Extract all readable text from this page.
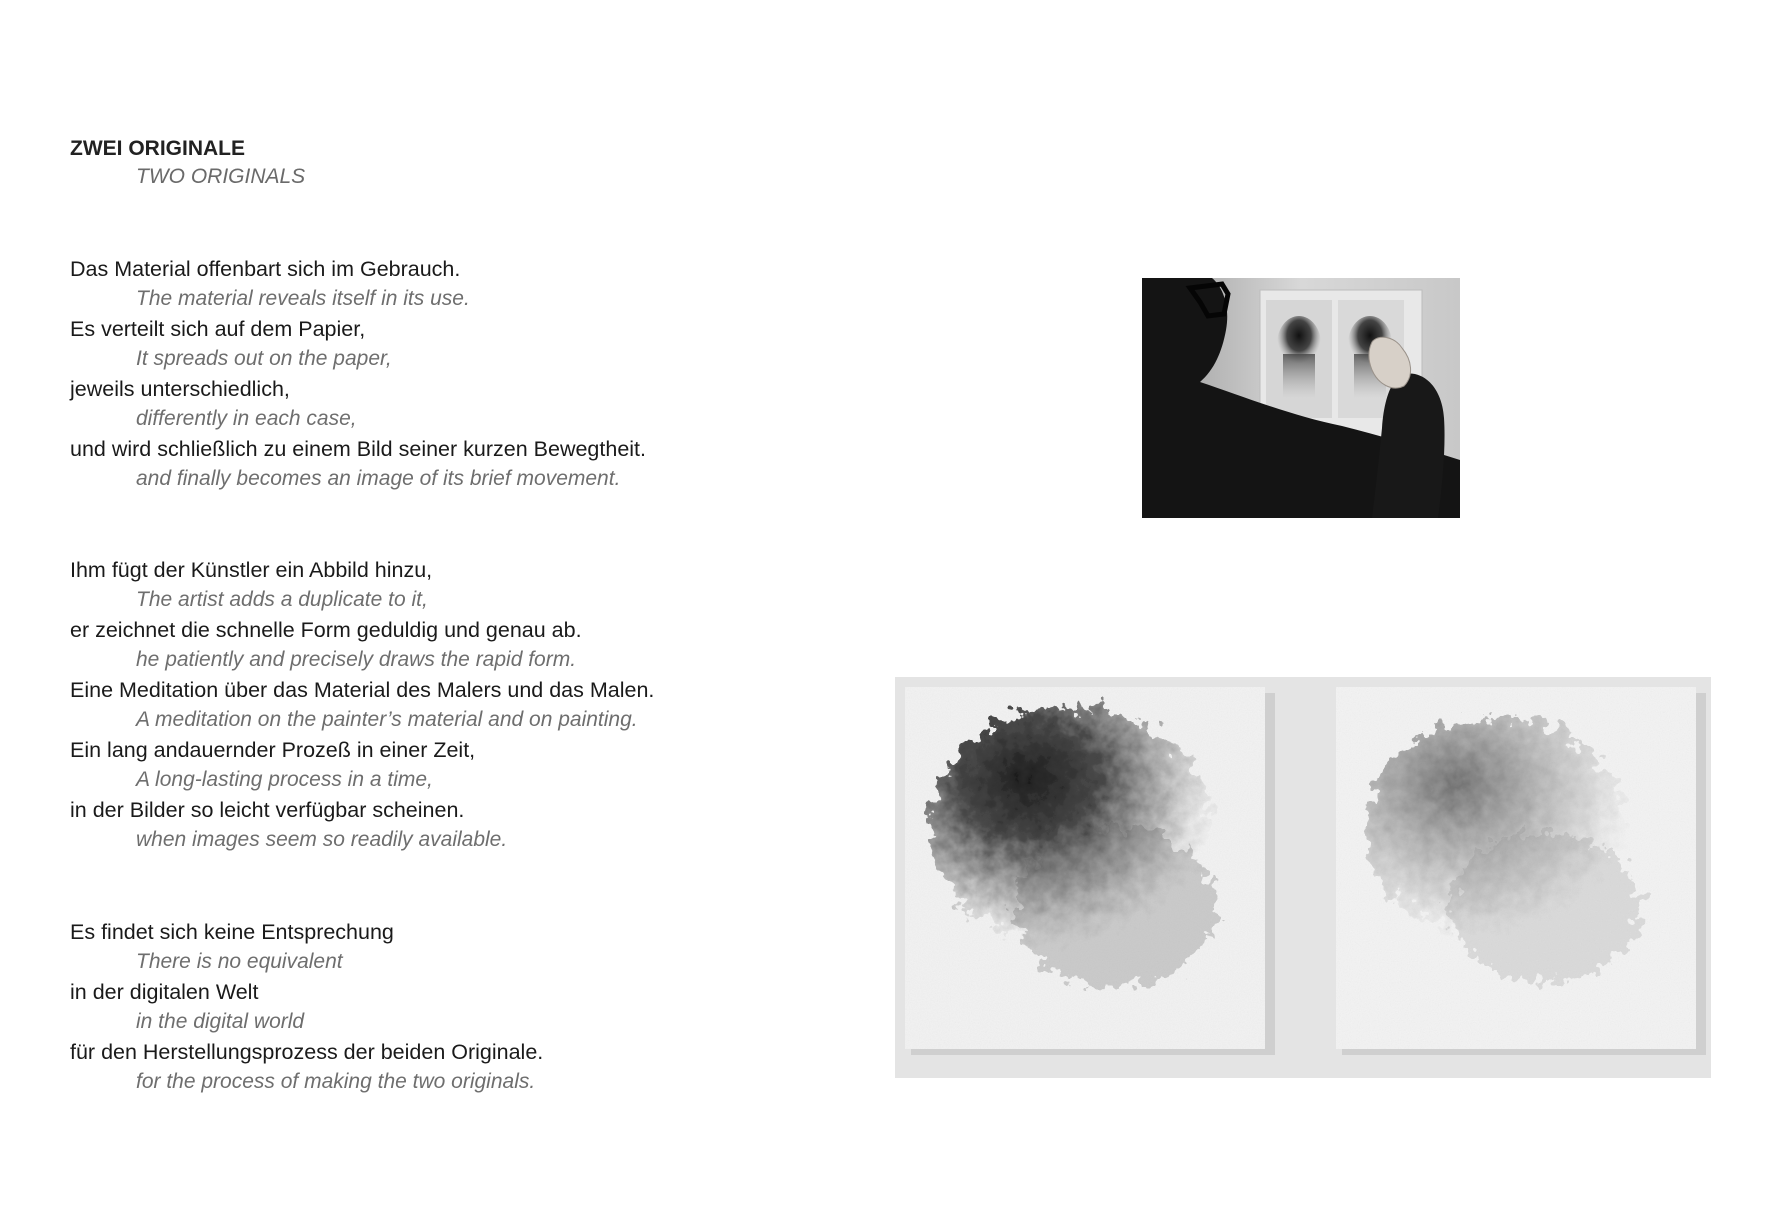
ZWEI ORIGINALE
TWO ORIGINALS
Das Material offenbart sich im Gebrauch.
The material reveals itself in its use.
Es verteilt sich auf dem Papier,
It spreads out on the paper,
jeweils unterschiedlich,
differently in each case,
und wird schließlich zu einem Bild seiner kurzen Bewegtheit.
and finally becomes an image of its brief movement.
Ihm fügt der Künstler ein Abbild hinzu,
The artist adds a duplicate to it,
er zeichnet die schnelle Form geduldig und genau ab.
he patiently and precisely draws the rapid form.
Eine Meditation über das Material des Malers und das Malen.
A meditation on the painter’s material and on painting.
Ein lang andauernder Prozeß in einer Zeit,
A long-lasting process in a time,
in der Bilder so leicht verfügbar scheinen.
when images seem so readily available.
Es findet sich keine Entsprechung
There is no equivalent
in der digitalen Welt
in the digital world
für den Herstellungsprozess der beiden Originale.
for the process of making the two originals.
